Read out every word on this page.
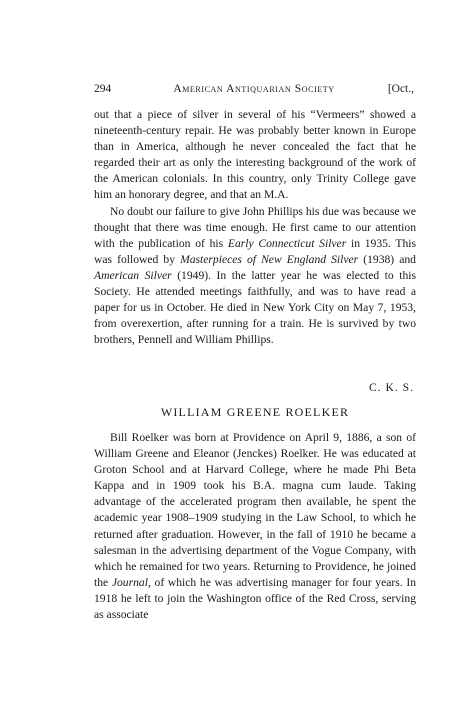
294	American Antiquarian Society	[Oct.,

out that a piece of silver in several of his “Vermeers” showed a nineteenth-century repair. He was probably better known in Europe than in America, although he never concealed the fact that he regarded their art as only the interesting background of the work of the American colonials. In this country, only Trinity College gave him an honorary degree, and that an M.A.

No doubt our failure to give John Phillips his due was because we thought that there was time enough. He first came to our attention with the publication of his Early Connecticut Silver in 1935. This was followed by Masterpieces of New England Silver (1938) and American Silver (1949). In the latter year he was elected to this Society. He attended meetings faithfully, and was to have read a paper for us in October. He died in New York City on May 7, 1953, from overexertion, after running for a train. He is survived by two brothers, Pennell and William Phillips.

C. K. S.
WILLIAM GREENE ROELKER

Bill Roelker was born at Providence on April 9, 1886, a son of William Greene and Eleanor (Jenckes) Roelker. He was educated at Groton School and at Harvard College, where he made Phi Beta Kappa and in 1909 took his B.A. magna cum laude. Taking advantage of the accelerated program then available, he spent the academic year 1908–1909 studying in the Law School, to which he returned after graduation. However, in the fall of 1910 he became a salesman in the advertising department of the Vogue Company, with which he remained for two years. Returning to Providence, he joined the Journal, of which he was advertising manager for four years. In 1918 he left to join the Washington office of the Red Cross, serving as associate
